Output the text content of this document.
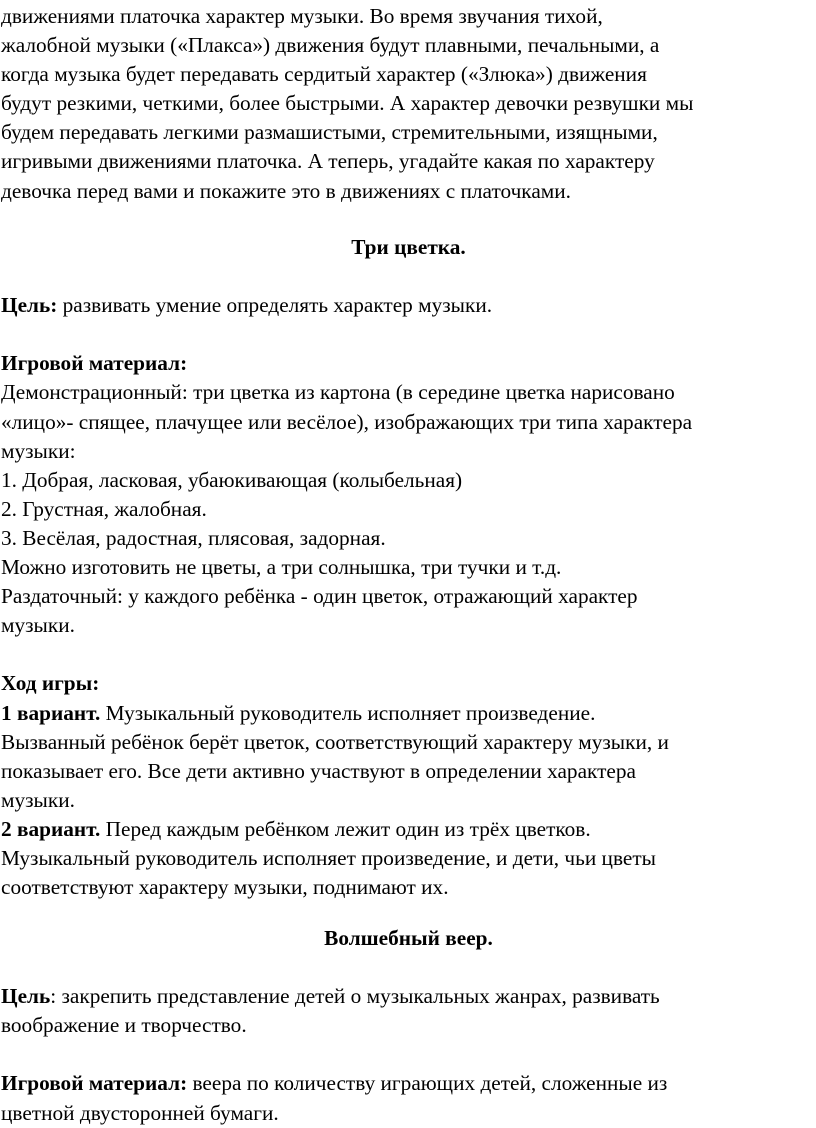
движениями платочка характер музыки. Во время звучания тихой,
жалобной музыки («Плакса») движения будут плавными, печальными, а
когда музыка будет передавать сердитый характер («Злюка») движения
будут резкими, четкими, более быстрыми. А характер девочки резвушки мы
будем передавать легкими размашистыми, стремительными, изящными,
игривыми движениями платочка. А теперь, угадайте какая по характеру
девочка перед вами и покажите это в движениях с платочками.
Три цветка.
Цель: развивать умение определять характер музыки.
Игровой материал:
Демонстрационный: три цветка из картона (в середине цветка нарисовано
«лицо»- спящее, плачущее или весёлое), изображающих три типа характера
музыки:
1. Добрая, ласковая, убаюкивающая (колыбельная)
2. Грустная, жалобная.
3. Весёлая, радостная, плясовая, задорная.
Можно изготовить не цветы, а три солнышка, три тучки и т.д.
Раздаточный: у каждого ребёнка - один цветок, отражающий характер
музыки.
Ход игры:
1 вариант. Музыкальный руководитель исполняет произведение.
Вызванный ребёнок берёт цветок, соответствующий характеру музыки, и
показывает его. Все дети активно участвуют в определении характера
музыки.
2 вариант. Перед каждым ребёнком лежит один из трёх цветков.
Музыкальный руководитель исполняет произведение, и дети, чьи цветы
соответствуют характеру музыки, поднимают их.
Волшебный веер.
Цель: закрепить представление детей о музыкальных жанрах, развивать
воображение и творчество.
Игровой материал: веера по количеству играющих детей, сложенные из
цветной двусторонней бумаги.
